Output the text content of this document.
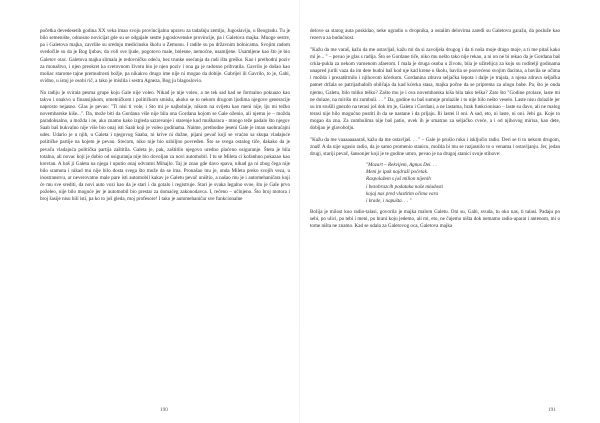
početka devedesetih godina XX veka imao svoju provincijalnu upravu za tadašnju zemlju, Jugoslaviju, u Beogradu. Tu je bilo semenište, odnosno novicijat gde su se odgajale sestre jugoslovenske provincije, pa i Galetova majka. Mnoge sestre, pa i Galetova majka, završile su srednju medicinsku školu u Zemunu. I radile su po državnim bolnicama. Svojim radom svedočile su da je Bog ljubav, da voli sve ljude, pogotovo male, bolesne, nemoćne, usamljene. Usamljene kao što je bio Galetov otac. Galetova majka slimala je redovničku odeću, bez trunke osećanja da radi išta greško. Kao i prethodni poziv za monaštvo, i njen preokret ka svetovnom životu bio je njen poziv i ona ga je radosno prihvatila. Gavrilo je došao kao moliac starome tajne premudrosti božje, pa nikakvo drugo ime nije ni mogao da dobije. Gabrijel ili Gavrilo, to je, Gabi, svidno, u istoj je osobi rič, a tako je mislila i sestra Agneza, Bog ju blagoslovio.

Na radiju je svirala pesma grupe koju Gale nije voleo. Nikad je nije voleo, a ne tek sad kad se formalno pokuazo kao takvo i onakvo u finansijskom, umetničkom i političkom smislu, akoko se to nekom drugom ljudima njegove generacije naprosto nejasno. Glas je pevao: "Ti nisi ti vole, i Sto mi je najbolnije, nikom na svijetu kao meni nije, lju mi težko novembarske kiše...". Da, može biti da Gordana više nije bila ona Gordana kojom se Gale oženio, ali njemu je – možda paradoksalno, a možda i ne, ako znamo kako izgleda sazrevanje i starenje kod muškaraca - mnogo teže padalo što njegov Saab baš bukvalno nije više bio onaj isti Saab koji je voleo godinama. Naime, prethodne jeseni Gale je imao saobraćajni udes. Udario je u njih, u Galeta i njegovog Saaba, ni krive ni dužne, pijani pevač koji se vraćao sa skupa vladajuće političke partije na kojem je pevao. Srećom, niko nije bio ozbiljno povređen. Što se svega ostalog tiče, dakako da je pevača vladajuća politička partija zaštitila. Galeta je, pak, zaštitilo njegovo uredno plaćeno osiguranje. Šteta je bila totalna, ali novac koji je dobio od osiguranja nije bio dovoljan za novi automobil. I tu se Mileta ci kofanhno pokazao kao krevtan. A baš ji Galeta na njega i uputio onaj odvratni Mihajlo. Taj je znao gde davo spava, nikad ga ni zbog čega nije bilo sramota i nikad mu nije bilo dosta svega što može da se ima. Pronašao mu je, onda Mileta preko svojih veza, u inostranstvu, ar neverovatno male pare isti automobil kakav je Galetu pevač uništio, a našao mu je i automehaničara koji će mu sve srediti, da novi auto vozi kao da je stari i da gotalo i registruje. Stari je svaka legalno svoe, što je Gale prvo poželeo, nije bilo moguće jer je automobil bio prestar za domaćeg zakonodavca. I, rečeno – učinjeno. Što broj motora i broj šasije nisu bili isti, pa ko to još gleda, moj profesore! I tako je automehaničar sve funkcionalne

delove sa starog auta poskidao, neke ugradio u dvopnika, a ostalim delovima zaređi su Galetovu garažu, da posluže kao rezerva za budućnost.

"Kažu da me varaš, kažu da me ostavljaš, kažu mi da si zavoljela drugog i da ti noša moje drago moje, a ti me pitaš kako mi je... " – pevao je glas s radija. Što se Gordane tiče, niko mu nešto tako nije rekao, a ni on ne bi rekao da je Gordana baš crkla-pukla za nekom varnenom afaerom. I mala je druga osoba u životu, bila je užitelijca za koju su roditelji godinama unapred jurili vaza da im dete budni baš kod nje kad krene u školu, bavila se posvećeno svojim đacima, a bavila se učima i možda i prezatštrnilo i njihovom kćerkom. Gordanina zdrava seljačka lepota i dalje je trajala, a njena zdrava seljačka pamet držala se patrijarhalnih obilčaja da kad kćerka stasa, majka počne da se priprema za ulogu babe. Pa, što je onda njemu, Galetu, bilo toliko teško? Zašto mu je i ova novembarska kiša bila tako teška? Zato što "Godine prolaze, laste mi ne dolaze, na mirišu mi zumbuli. . . " Da, godine su baš sumnje prolazile i to nije bilo nešto veselo. Laste nisu dolazile jer su im srušili gnezdo na terasi još dok im je, Galetu i Gordani, a ne lastama, brak funkcionisao – laste su đavo, ali ne malog terasi nije bilo mogućno pustiti ih da se nastane i da prljaju. Ili lastei il oni. A sad, eto, ni laste, ni oni. Jebi ga. Koje to mogao da zna. Za zumbulima nije baš patio, uvek ih je smatrao za seljačko cveće, a i od njihovog mirisa, kao dete, dobijao je glavobolju.

"Kažu da me vaaaaaaaaraš, kažu da me ostavljaš. . . " – Gale je prušio ruku i isključio radio. Deri se ti to nekom drugom, znaš! A da nije ugasio radio, da je samo promenio stanicu, možda bi mu se razjasnilo to o venama i ostavljanju. Jer, jedan drugi, stariji pevač, šansonjer koji je te godine umro, pevao je na drugoj stanici svoje stihove:

"Mozart – Rekvijem, Agnus Dei. . .
Meni je ipak najdraži početak.
Raspolažem s još milion nijenih
i bezobrazcih podataka naše mladosti
kojaj nas pred vlastitim očima vara
i krade, i napušta. . . "

Bolija je milost koo radio-talasi, govorila je majka malom Galetu. Oni su, Gabi, svuda, tu oko nas, ti talasi. Padaju po sebi, po ulici, po tebi i meni, po hrani koju jedemo, ali mi, eto, ne čujemo ništa dok nemamo radio-aparat i antenom, mi o tome ništa ne znamo. Kad se udala za Galetovog oca, Galetova majka

190	191
